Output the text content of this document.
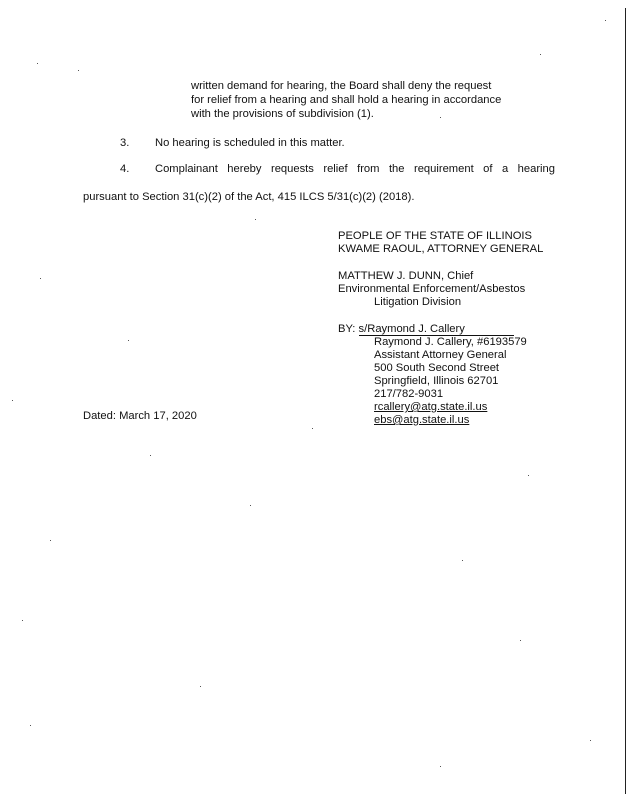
written demand for hearing, the Board shall deny the request
for relief from a hearing and shall hold a hearing in accordance
with the provisions of subdivision (1).
3. No hearing is scheduled in this matter.
4. Complainant hereby requests relief from the requirement of a hearing
pursuant to Section 31(c)(2) of the Act, 415 ILCS 5/31(c)(2) (2018).
PEOPLE OF THE STATE OF ILLINOIS
KWAME RAOUL, ATTORNEY GENERAL
MATTHEW J. DUNN, Chief
Environmental Enforcement/Asbestos
Litigation Division
BY: s/Raymond J. Callery
Raymond J. Callery, #6193579
Assistant Attorney General
500 South Second Street
Springfield, Illinois 62701
217/782-9031
rcallery@atg.state.il.us
ebs@atg.state.il.us
Dated: March 17, 2020
